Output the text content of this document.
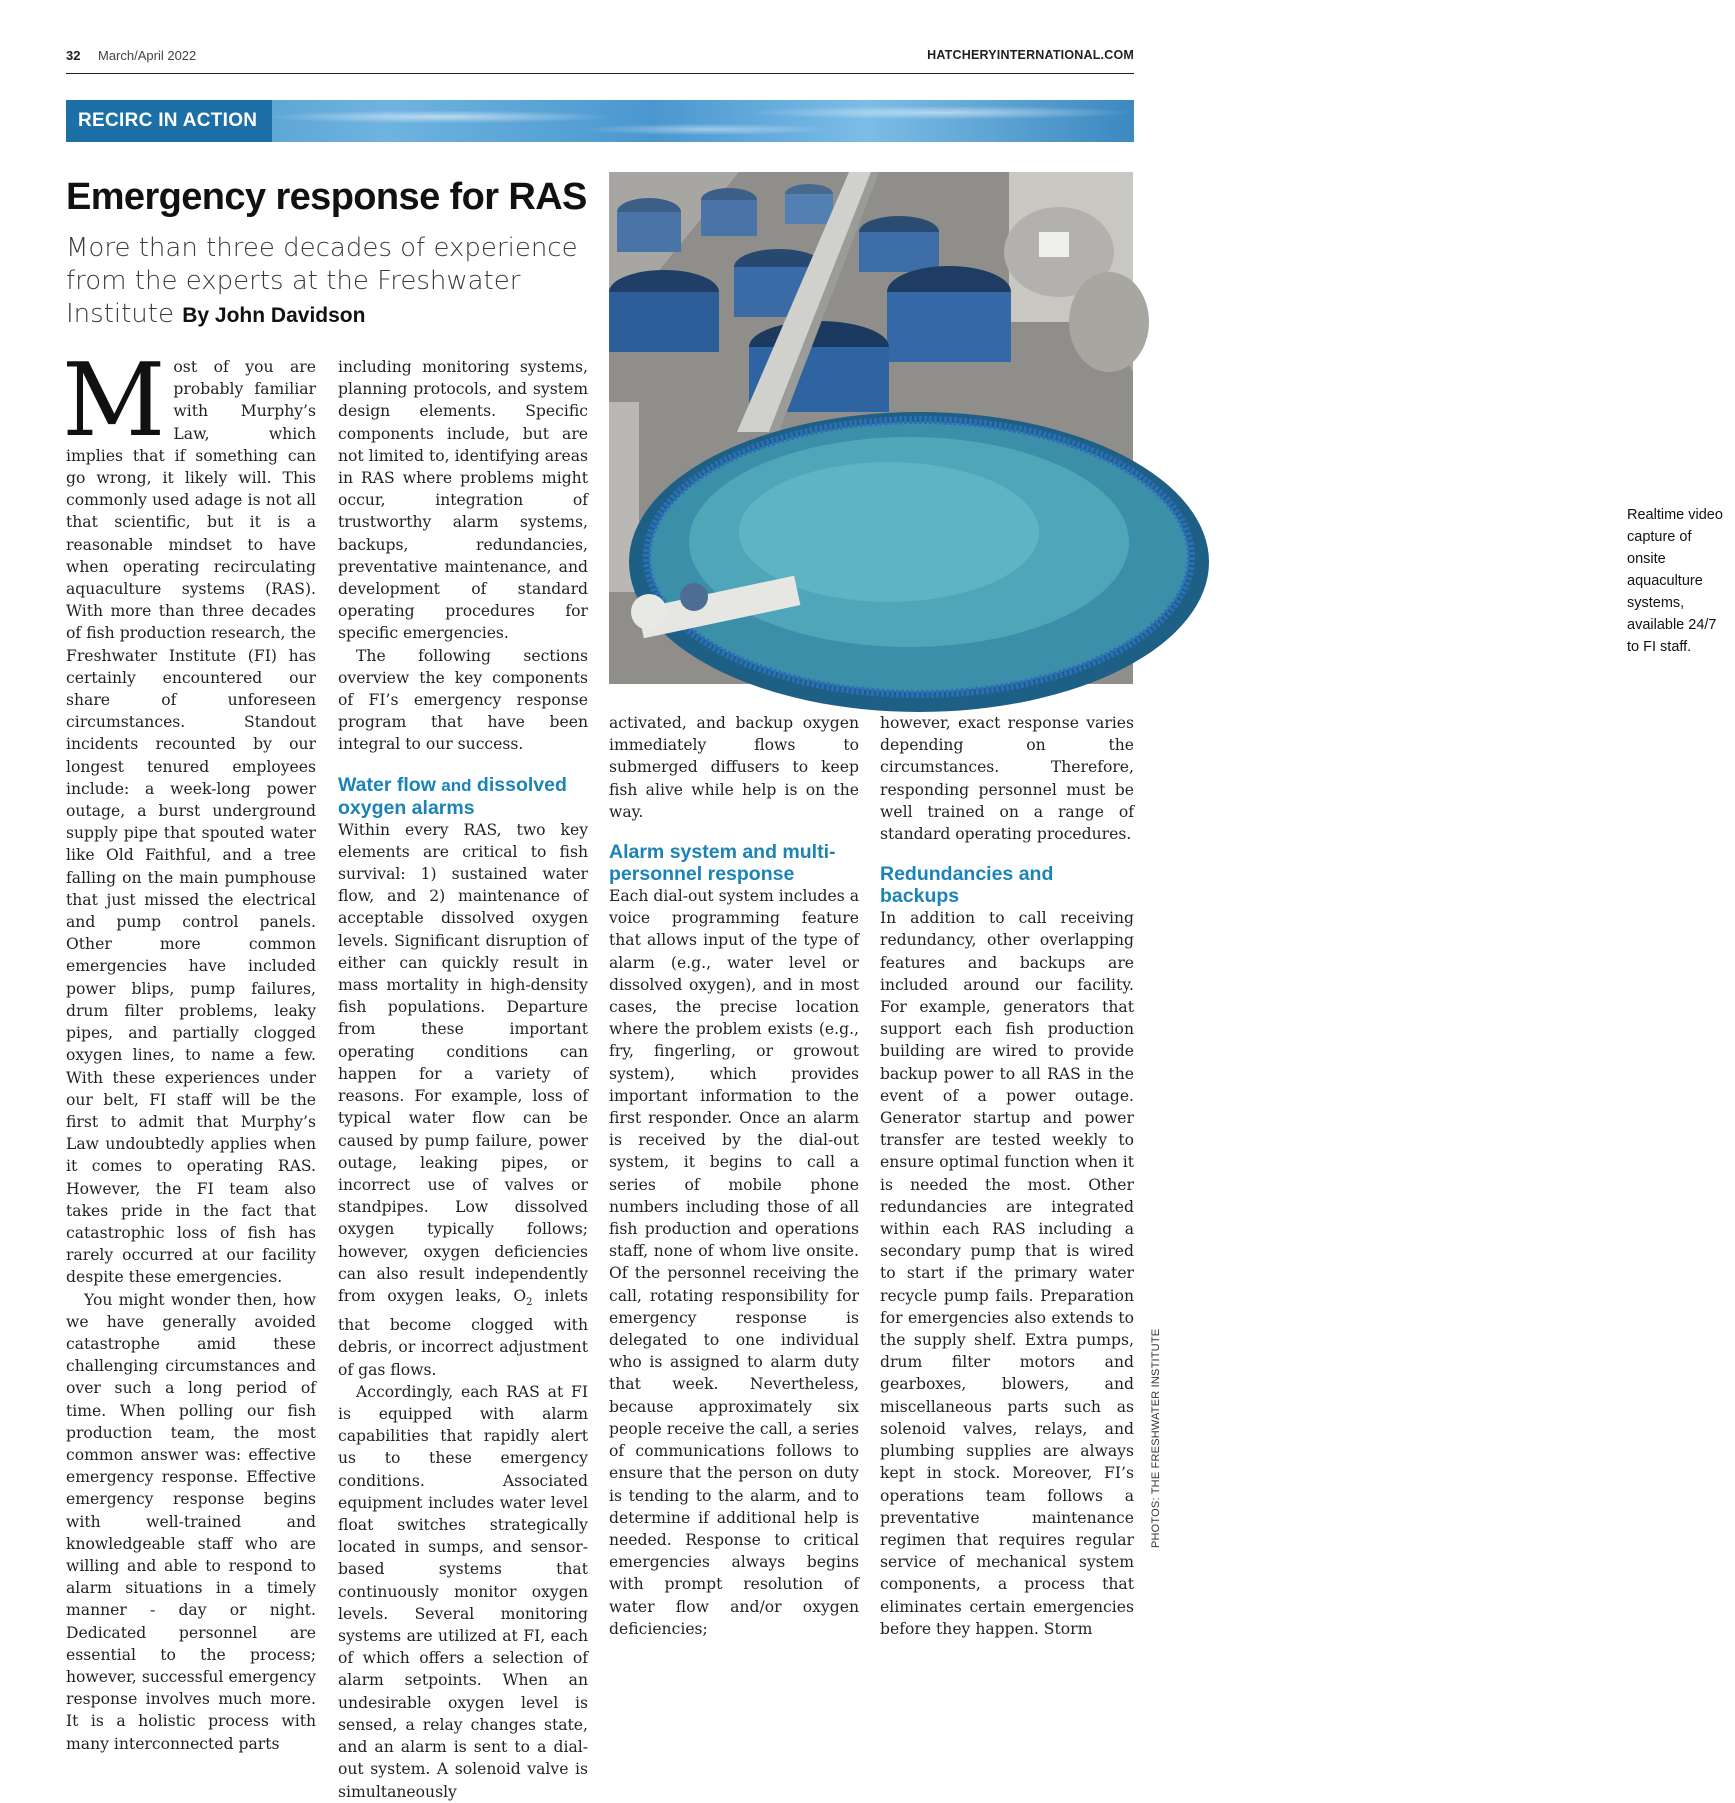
32 March/April 2022	HATCHERYINTERNATIONAL.COM
RECIRC IN ACTION
Emergency response for RAS
More than three decades of experience from the experts at the Freshwater Institute By John Davidson
Realtime video capture of onsite aquaculture systems, available 24/7 to FI staff.

Most of you are probably familiar with Murphy’s Law, which implies that if something can go wrong, it likely will. This commonly used adage is not all that scientific, but it is a reasonable mindset to have when operating recirculating aquaculture systems (RAS). With more than three decades of fish production research, the Freshwater Institute (FI) has certainly encountered our share of unforeseen circumstances. Standout incidents recounted by our longest tenured employees include: a week-long power outage, a burst underground supply pipe that spouted water like Old Faithful, and a tree falling on the main pumphouse that just missed the electrical and pump control panels. Other more common emergencies have included power blips, pump failures, drum filter problems, leaky pipes, and partially clogged oxygen lines, to name a few. With these experiences under our belt, FI staff will be the first to admit that Murphy’s Law undoubtedly applies when it comes to operating RAS. However, the FI team also takes pride in the fact that catastrophic loss of fish has rarely occurred at our facility despite these emergencies.

You might wonder then, how we have generally avoided catastrophe amid these challenging circumstances and over such a long period of time. When polling our fish production team, the most common answer was: effective emergency response. Effective emergency response begins with well-trained and knowledgeable staff who are willing and able to respond to alarm situations in a timely manner - day or night. Dedicated personnel are essential to the process; however, successful emergency response involves much more. It is a holistic process with many interconnected parts

including monitoring systems, planning protocols, and system design elements. Specific components include, but are not limited to, identifying areas in RAS where problems might occur, integration of trustworthy alarm systems, backups, redundancies, preventative maintenance, and development of standard operating procedures for specific emergencies.

The following sections overview the key components of FI’s emergency response program that have been integral to our success.

Water flow and dissolved oxygen alarms

Within every RAS, two key elements are critical to fish survival: 1) sustained water flow, and 2) maintenance of acceptable dissolved oxygen levels. Significant disruption of either can quickly result in mass mortality in high-density fish populations. Departure from these important operating conditions can happen for a variety of reasons. For example, loss of typical water flow can be caused by pump failure, power outage, leaking pipes, or incorrect use of valves or standpipes. Low dissolved oxygen typically follows; however, oxygen deficiencies can also result independently from oxygen leaks, $O_2$ inlets that become clogged with debris, or incorrect adjustment of gas flows.

Accordingly, each RAS at FI is equipped with alarm capabilities that rapidly alert us to these emergency conditions. Associated equipment includes water level float switches strategically located in sumps, and sensor-based systems that continuously monitor oxygen levels. Several monitoring systems are utilized at FI, each of which offers a selection of alarm setpoints. When an undesirable oxygen level is sensed, a relay changes state, and an alarm is sent to a dial-out system. A solenoid valve is simultaneously

activated, and backup oxygen immediately flows to submerged diffusers to keep fish alive while help is on the way.

Alarm system and multi-personnel response

Each dial-out system includes a voice programming feature that allows input of the type of alarm (e.g., water level or dissolved oxygen), and in most cases, the precise location where the problem exists (e.g., fry, fingerling, or growout system), which provides important information to the first responder. Once an alarm is received by the dial-out system, it begins to call a series of mobile phone numbers including those of all fish production and operations staff, none of whom live onsite. Of the personnel receiving the call, rotating responsibility for emergency response is delegated to one individual who is assigned to alarm duty that week. Nevertheless, because approximately six people receive the call, a series of communications follows to ensure that the person on duty is tending to the alarm, and to determine if additional help is needed. Response to critical emergencies always begins with prompt resolution of water flow and/or oxygen deficiencies;

however, exact response varies depending on the circumstances. Therefore, responding personnel must be well trained on a range of standard operating procedures.

Redundancies and backups

In addition to call receiving redundancy, other overlapping features and backups are included around our facility. For example, generators that support each fish production building are wired to provide backup power to all RAS in the event of a power outage. Generator startup and power transfer are tested weekly to ensure optimal function when it is needed the most. Other redundancies are integrated within each RAS including a secondary pump that is wired to start if the primary water recycle pump fails. Preparation for emergencies also extends to the supply shelf. Extra pumps, drum filter motors and gearboxes, blowers, and miscellaneous parts such as solenoid valves, relays, and plumbing supplies are always kept in stock. Moreover, FI’s operations team follows a preventative maintenance regimen that requires regular service of mechanical system components, a process that eliminates certain emergencies before they happen. Storm

PHOTOS: THE FRESHWATER INSTITUTE
